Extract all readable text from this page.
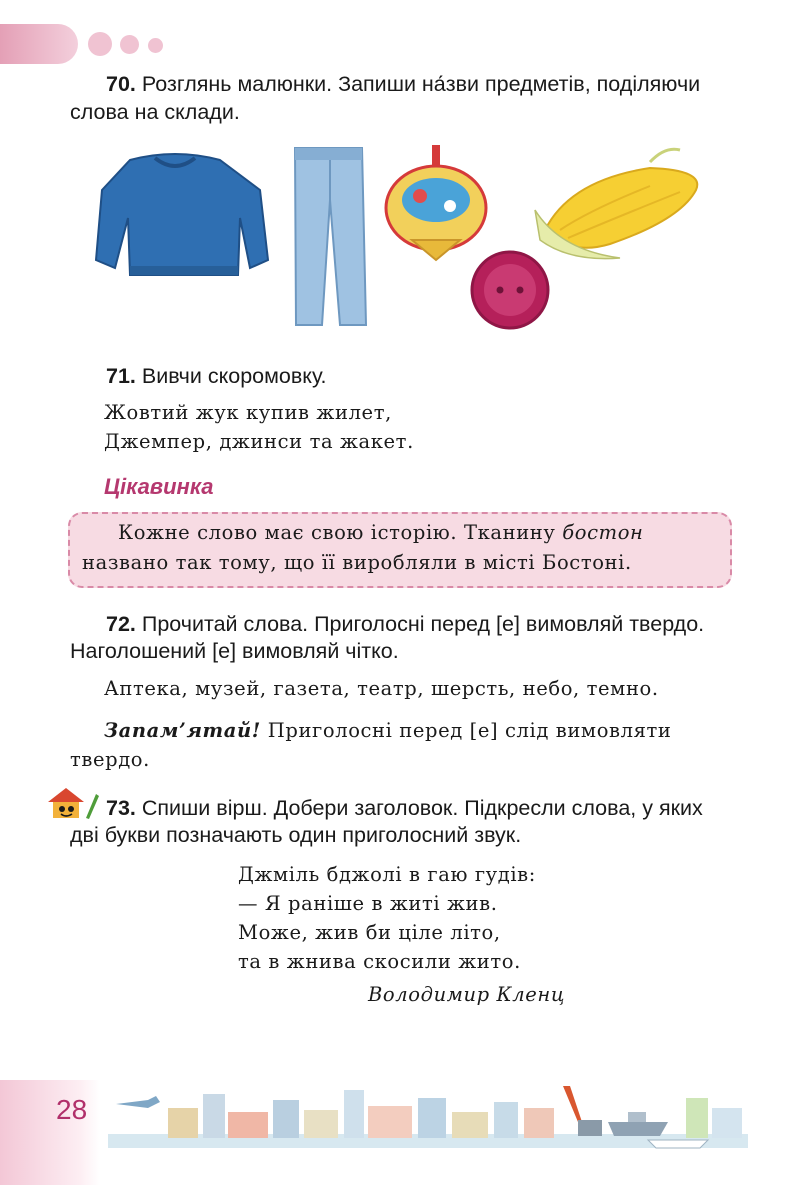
70. Розглянь малюнки. Запиши на́зви предметів, поділяючи
слова на склади.
71. Вивчи скоромовку.
Жовтий жук купив жилет,
Джемпер, джинси та жакет.
Цікавинка
Кожне слово має свою історію. Тканину бостон
названо так тому, що її виробляли в місті Бостоні.
72. Прочитай слова. Приголосні перед [е] вимовляй твердо.
Наголошений [е] вимовляй чітко.
Аптека, музей, газета, театр, шерсть, небо, темно.
Запам’ятай! Приголосні перед [е] слід вимовляти
твердо.
73. Спиши вірш. Добери заголовок. Підкресли слова, у яких
дві букви позначають один приголосний звук.
Джміль бджолі в гаю гудів:
— Я раніше в житі жив.
Може, жив би ціле літо,
та в жнива скосили жито.
Володимир Кленц
28
